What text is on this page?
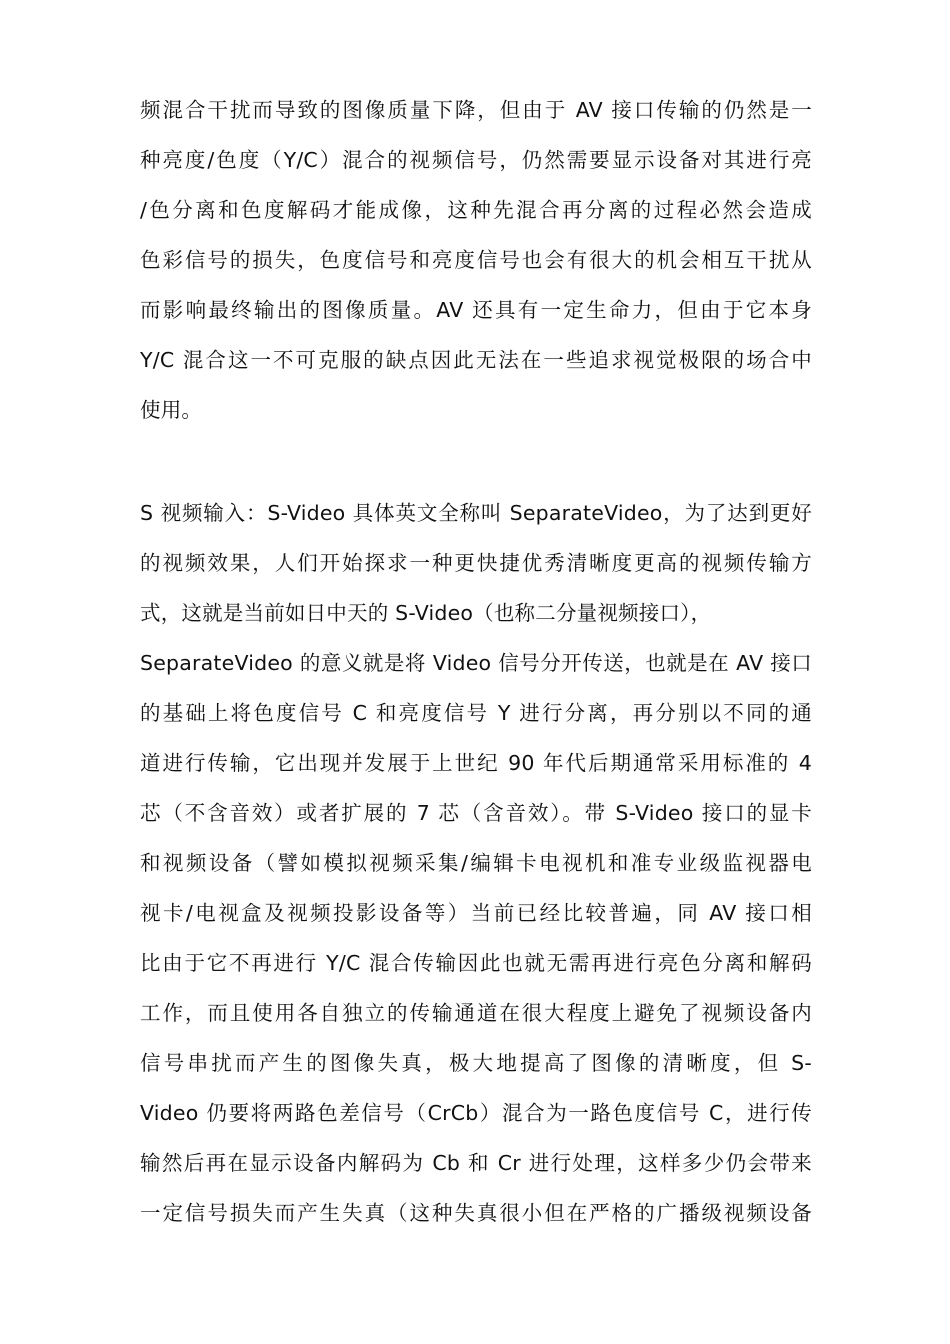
频混合干扰而导致的图像质量下降，但由于 AV 接口传输的仍然是一
种亮度/色度（Y/C）混合的视频信号，仍然需要显示设备对其进行亮
/色分离和色度解码才能成像，这种先混合再分离的过程必然会造成
色彩信号的损失，色度信号和亮度信号也会有很大的机会相互干扰从
而影响最终输出的图像质量。AV 还具有一定生命力，但由于它本身
Y/C 混合这一不可克服的缺点因此无法在一些追求视觉极限的场合中
使用。
S 视频输入：S-Video 具体英文全称叫 SeparateVideo，为了达到更好
的视频效果，人们开始探求一种更快捷优秀清晰度更高的视频传输方
式，这就是当前如日中天的 S-Video（也称二分量视频接口），
SeparateVideo 的意义就是将 Video 信号分开传送，也就是在 AV 接口
的基础上将色度信号 C 和亮度信号 Y 进行分离，再分别以不同的通
道进行传输，它出现并发展于上世纪 90 年代后期通常采用标准的 4
芯（不含音效）或者扩展的 7 芯（含音效）。带 S-Video 接口的显卡
和视频设备（譬如模拟视频采集/编辑卡电视机和准专业级监视器电
视卡/电视盒及视频投影设备等）当前已经比较普遍，同 AV 接口相
比由于它不再进行 Y/C 混合传输因此也就无需再进行亮色分离和解码
工作，而且使用各自独立的传输通道在很大程度上避免了视频设备内
信号串扰而产生的图像失真，极大地提高了图像的清晰度，但 S-
Video 仍要将两路色差信号（CrCb）混合为一路色度信号 C，进行传
输然后再在显示设备内解码为 Cb 和 Cr 进行处理，这样多少仍会带来
一定信号损失而产生失真（这种失真很小但在严格的广播级视频设备
